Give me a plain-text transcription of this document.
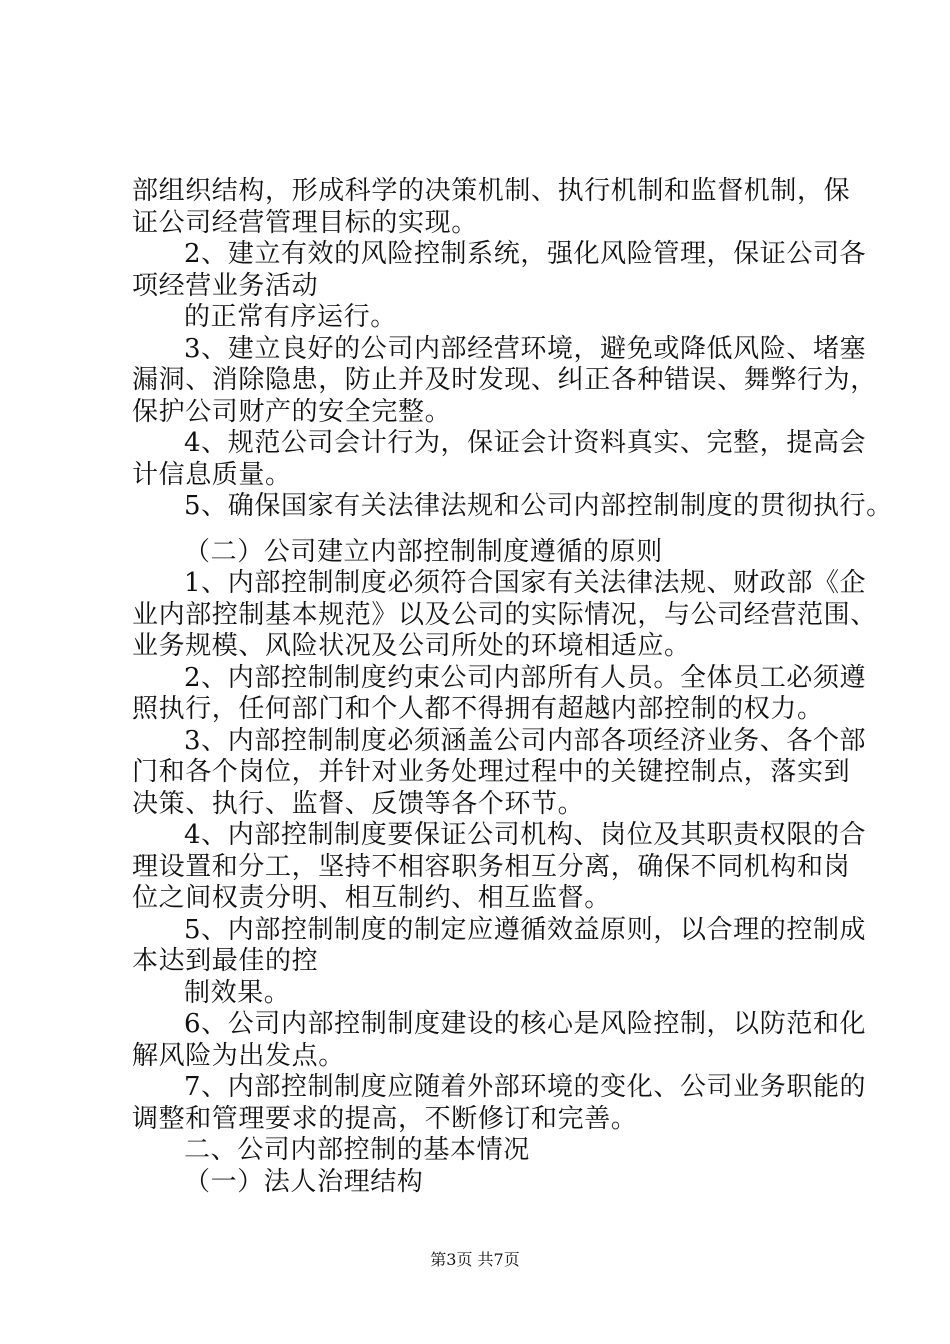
部组织结构，形成科学的决策机制、执行机制和监督机制，保
证公司经营管理目标的实现。
2、建立有效的风险控制系统，强化风险管理，保证公司各
项经营业务活动
的正常有序运行。
3、建立良好的公司内部经营环境，避免或降低风险、堵塞
漏洞、消除隐患，防止并及时发现、纠正各种错误、舞弊行为，
保护公司财产的安全完整。
4、规范公司会计行为，保证会计资料真实、完整，提高会
计信息质量。
5、确保国家有关法律法规和公司内部控制制度的贯彻执行。
（二）公司建立内部控制制度遵循的原则
1、内部控制制度必须符合国家有关法律法规、财政部《企
业内部控制基本规范》以及公司的实际情况，与公司经营范围、
业务规模、风险状况及公司所处的环境相适应。
2、内部控制制度约束公司内部所有人员。全体员工必须遵
照执行，任何部门和个人都不得拥有超越内部控制的权力。
3、内部控制制度必须涵盖公司内部各项经济业务、各个部
门和各个岗位，并针对业务处理过程中的关键控制点，落实到
决策、执行、监督、反馈等各个环节。
4、内部控制制度要保证公司机构、岗位及其职责权限的合
理设置和分工，坚持不相容职务相互分离，确保不同机构和岗
位之间权责分明、相互制约、相互监督。
5、内部控制制度的制定应遵循效益原则，以合理的控制成
本达到最佳的控
制效果。
6、公司内部控制制度建设的核心是风险控制，以防范和化
解风险为出发点。
7、内部控制制度应随着外部环境的变化、公司业务职能的
调整和管理要求的提高，不断修订和完善。
二、公司内部控制的基本情况
（一）法人治理结构
第3页 共7页
